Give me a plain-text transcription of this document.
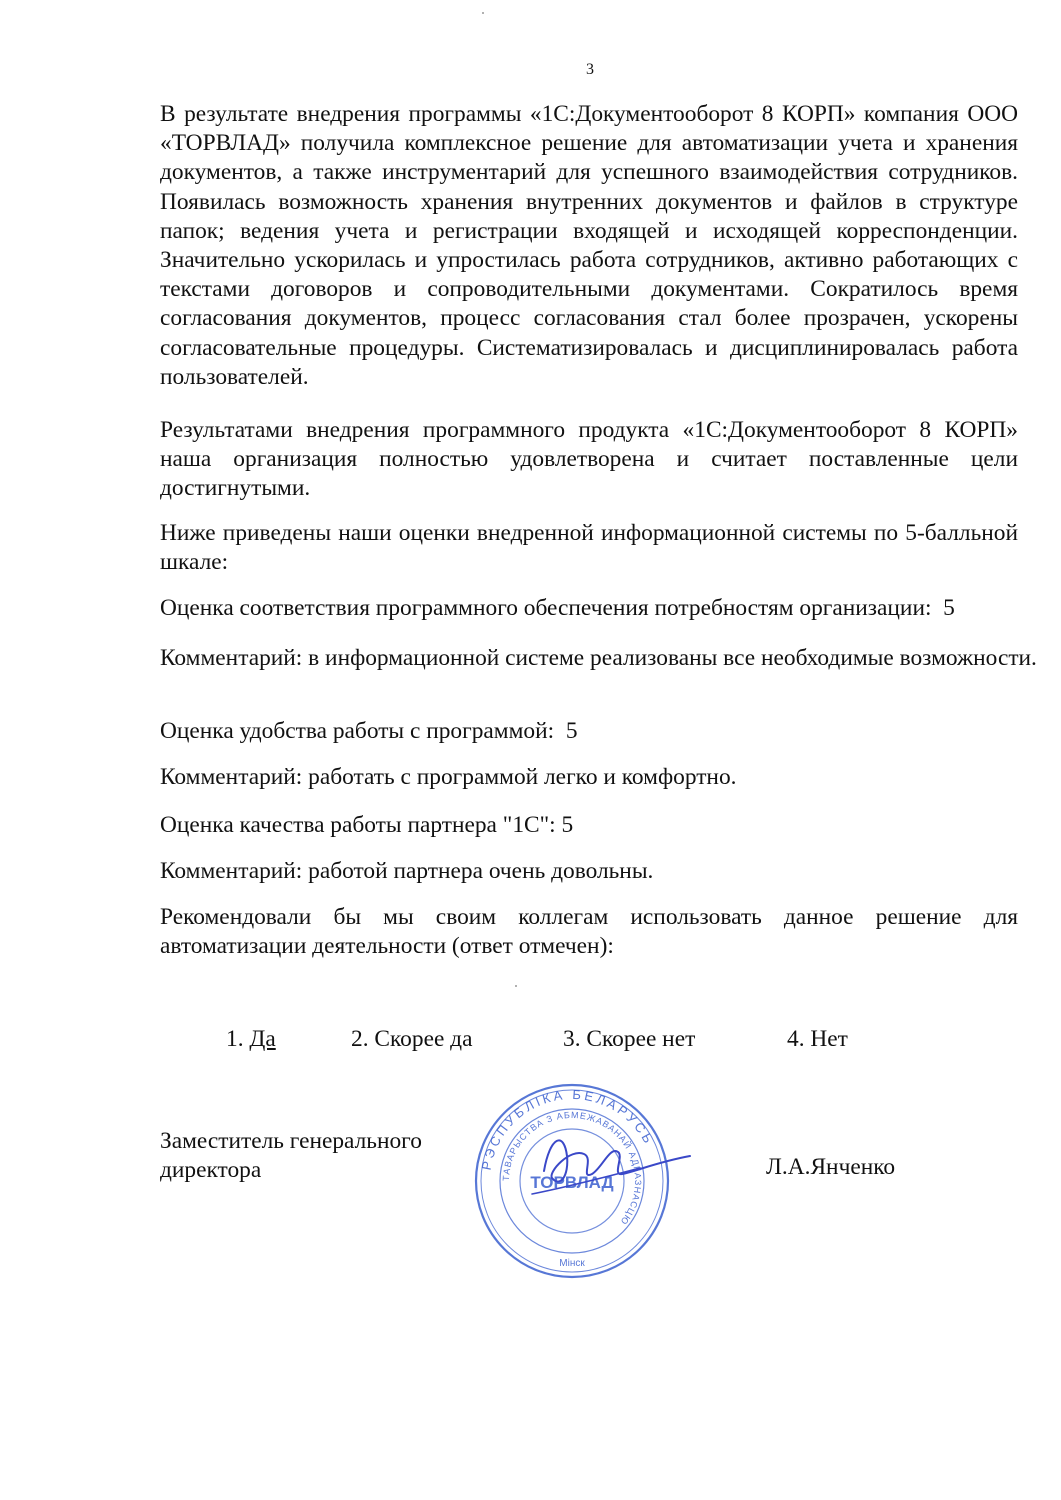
3
В результате внедрения программы «1С:Документооборот 8 КОРП» компания ООО «ТОРВЛАД» получила комплексное решение для автоматизации учета и хранения документов, а также инструментарий для успешного взаимодействия сотрудников. Появилась возможность хранения внутренних документов и файлов в структуре папок; ведения учета и регистрации входящей и исходящей корреспонденции. Значительно ускорилась и упростилась работа сотрудников, активно работающих с текстами договоров и сопроводительными документами. Сократилось время согласования документов, процесс согласования стал более прозрачен, ускорены согласовательные процедуры. Систематизировалась и дисциплинировалась работа пользователей.
Результатами внедрения программного продукта «1С:Документооборот 8 КОРП» наша организация полностью удовлетворена и считает поставленные цели достигнутыми.
Ниже приведены наши оценки внедренной информационной системы по 5-балльной шкале:
Оценка соответствия программного обеспечения потребностям организации: 5
Комментарий: в информационной системе реализованы все необходимые возможности.
Оценка удобства работы с программой: 5
Комментарий: работать с программой легко и комфортно.
Оценка качества работы партнера "1С": 5
Комментарий: работой партнера очень довольны.
Рекомендовали бы мы своим коллегам использовать данное решение для автоматизации деятельности (ответ отмечен):
1. Да	2. Скорее да	3. Скорее нет	4. Нет
Заместитель генерального директора	РЭСПУБЛІКА БЕЛАРУСЬ
ТАВАРЫСТВА З АБМЕЖАВАНАЙ АДКАЗНАСЦЮ
ТОРВЛАД
Мінск
Л.А.Янченко
